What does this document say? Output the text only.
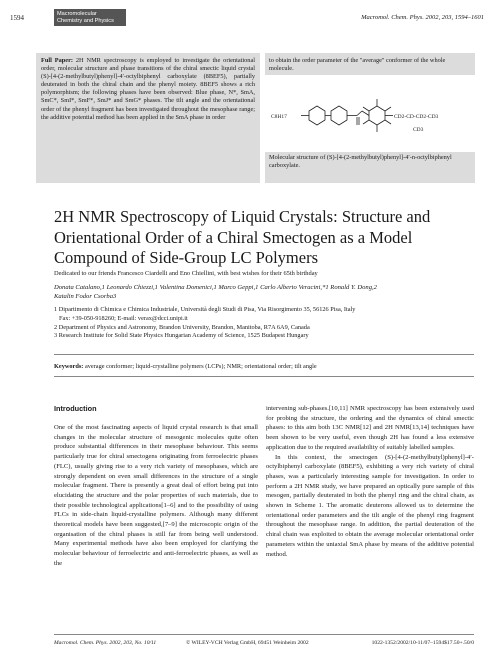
1594	Macromolecular
Chemistry and Physics	Macromol. Chem. Phys. 2002, 203, 1594–1601
Full Paper: 2H NMR spectroscopy is employed to investigate the orientational order, molecular structure and phase transitions of the chiral smectic liquid crystal (S)-[4-(2-methylbutyl)phenyl]-4′-octylbiphenyl carboxylate (8BEF5), partially deuterated in both the chiral chain and the phenyl moiety. 8BEF5 shows a rich polymorphism; the following phases have been observed: Blue phase, N*, SmA, SmC*, SmI*, SmF*, SmJ* and SmG* phases. The tilt angle and the orientational order of the phenyl fragment has been investigated throughout the mesophase range; the additive potential method has been applied in the SmA phase in order
to obtain the order parameter of the "average" conformer of the whole molecule.
C8H17	CD2-CD-CD2-CD3
CD3
Molecular structure of (S)-[4-(2-methylbutyl)phenyl]-4′-n-octylbiphenyl carboxylate.
2H NMR Spectroscopy of Liquid Crystals: Structure and Orientational Order of a Chiral Smectogen as a Model Compound of Side-Group LC Polymers
Dedicated to our friends Francesco Ciardelli and Eno Chiellini, with best wishes for their 65th birthday
Donata Catalano,1 Leonardo Chiezzi,1 Valentina Domenici,1 Marco Geppi,1 Carlo Alberto Veracini,*1 Ronald Y. Dong,2
Katalin Fodor Csorba3
1 Dipartimento di Chimica e Chimica Industriale, Università degli Studi di Pisa, Via Risorgimento 35, 56126 Pisa, Italy
Fax: +39-050-918260; E-mail: verax@dcci.unipi.it
2 Department of Physics and Astronomy, Brandon University, Brandon, Manitoba, R7A 6A9, Canada
3 Research Institute for Solid State Physics Hungarian Academy of Science, 1525 Budapest Hungary
Keywords: average conformer; liquid-crystalline polymers (LCPs); NMR; orientational order; tilt angle
Introduction

One of the most fascinating aspects of liquid crystal research is that small changes in the molecular structure of mesogenic molecules quite often produce substantial differences in their mesophase behaviour. This seems particularly true for chiral smectogens originating from ferroelectric phases (FLC), usually giving rise to a very rich variety of mesophases, which are strongly dependent on even small differences in the structure of a single molecular fragment. There is presently a great deal of effort being put into elucidating the structure and the polar properties of such materials, due to their possible technological applications[1–6] and to the possibility of using FLCs in side-chain liquid-crystalline polymers. Although many different theoretical models have been suggested,[7–9] the microscopic origin of the organisation of the chiral phases is still far from being well understood. Many experimental methods have also been employed for clarifying the molecular behaviour of ferroelectric and anti-ferroelectric phases, as well as the

intervening sub-phases.[10,11] NMR spectroscopy has been extensively used for probing the structure, the ordering and the dynamics of chiral smectic phases: to this aim both 13C NMR[12] and 2H NMR[13,14] techniques have been shown to be very useful, even though 2H has found a less extensive application due to the required availability of suitably labelled samples.

In this context, the smectogen (S)-[4-(2-methylbutyl)phenyl]-4′-octylbiphenyl carboxylate (8BEF5), exhibiting a very rich variety of chiral phases, was a particularly interesting sample for investigation. In order to perform a 2H NMR study, we have prepared an optically pure sample of this mesogen, partially deuterated in both the phenyl ring and the chiral chain, as shown in Scheme 1. The aromatic deuterons allowed us to determine the orientational order parameters and the tilt angle of the phenyl ring fragment throughout the mesophase range. In addition, the partial deuteration of the chiral chain was exploited to obtain the average molecular orientational order parameters within the uniaxial SmA phase by means of the additive potential method.

Macromol. Chem. Phys. 2002, 203, No. 10/11	© WILEY-VCH Verlag GmbH, 69451 Weinheim 2002	1022-1352/2002/10-11/07–1594$17.50+.50/0
